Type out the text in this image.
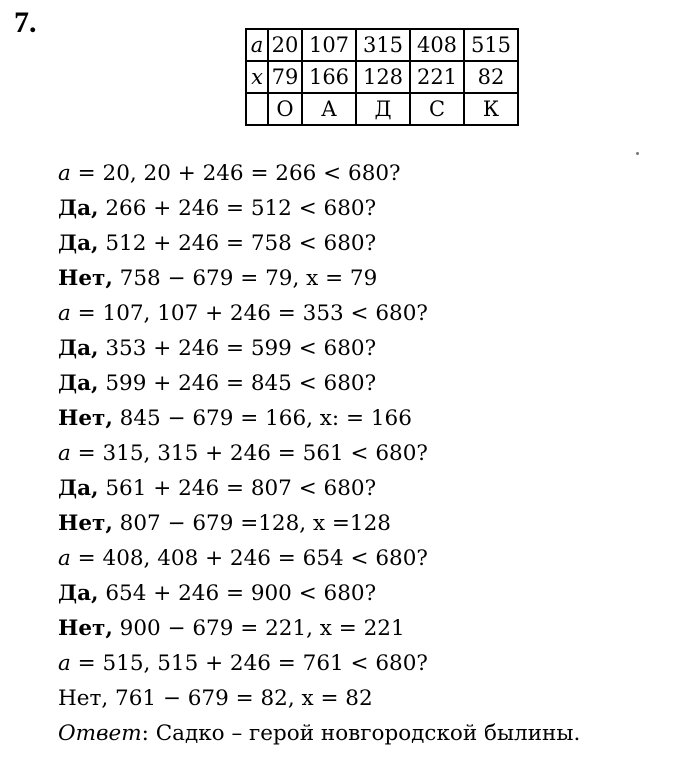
7.
a	20	107	315	408	515
x	79	166	128	221	82
	О	А	Д	С	К
a = 20, 20 + 246 = 266 < 680?
Да, 266 + 246 = 512 < 680?
Да, 512 + 246 = 758 < 680?
Нет, 758 − 679 = 79, x = 79
a = 107, 107 + 246 = 353 < 680?
Да, 353 + 246 = 599 < 680?
Да, 599 + 246 = 845 < 680?
Нет, 845 − 679 = 166, x: = 166
a = 315, 315 + 246 = 561 < 680?
Да, 561 + 246 = 807 < 680?
Нет, 807 − 679 =128, x =128
a = 408, 408 + 246 = 654 < 680?
Да, 654 + 246 = 900 < 680?
Нет, 900 − 679 = 221, x = 221
a = 515, 515 + 246 = 761 < 680?
Нет, 761 − 679 = 82, x = 82
Ответ: Садко – герой новгородской былины.
